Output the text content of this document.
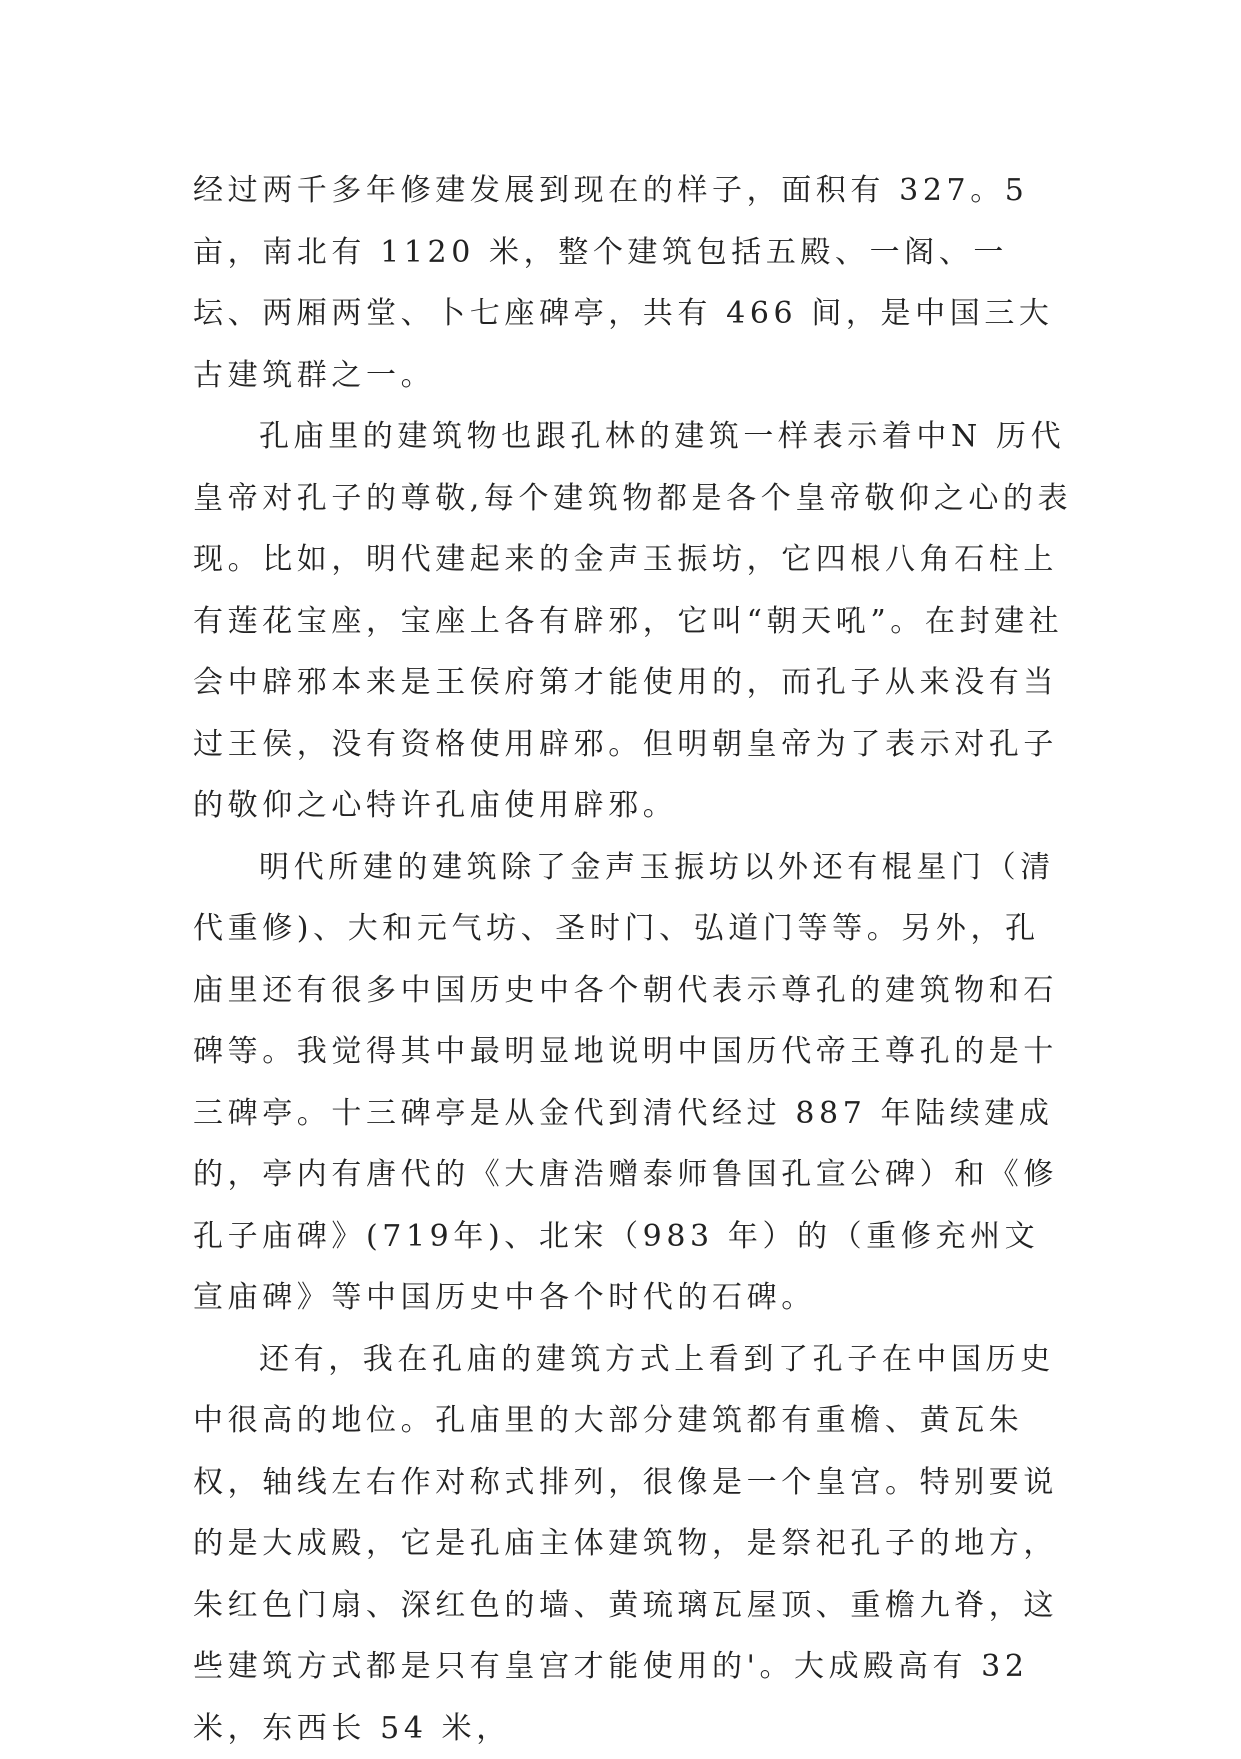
经过两千多年修建发展到现在的样子，面积有 327。5 亩，南北有 1120 米，整个建筑包括五殿、一阁、一坛、两厢两堂、卜七座碑亭，共有 466 间，是中国三大古建筑群之一。

孔庙里的建筑物也跟孔林的建筑一样表示着中N 历代皇帝对孔子的尊敬,每个建筑物都是各个皇帝敬仰之心的表现。比如，明代建起来的金声玉振坊，它四根八角石柱上有莲花宝座，宝座上各有辟邪，它叫“朝天吼”。在封建社会中辟邪本来是王侯府第才能使用的，而孔子从来没有当过王侯，没有资格使用辟邪。但明朝皇帝为了表示对孔子的敬仰之心特许孔庙使用辟邪。

明代所建的建筑除了金声玉振坊以外还有棍星门（清代重修)、大和元气坊、圣时门、弘道门等等。另外，孔庙里还有很多中国历史中各个朝代表示尊孔的建筑物和石碑等。我觉得其中最明显地说明中国历代帝王尊孔的是十三碑亭。十三碑亭是从金代到清代经过 887 年陆续建成的，亭内有唐代的《大唐浩赠泰师鲁国孔宣公碑）和《修孔子庙碑》(719年)、北宋（983 年）的（重修充州文宣庙碑》等中国历史中各个时代的石碑。

还有，我在孔庙的建筑方式上看到了孔子在中国历史中很高的地位。孔庙里的大部分建筑都有重檐、黄瓦朱权，轴线左右作对称式排列，很像是一个皇宫。特别要说的是大成殿，它是孔庙主体建筑物，是祭祀孔子的地方，朱红色门扇、深红色的墙、黄琉璃瓦屋顶、重檐九脊，这些建筑方式都是只有皇宫才能使用的'。大成殿高有 32 米，东西长 54 米，
